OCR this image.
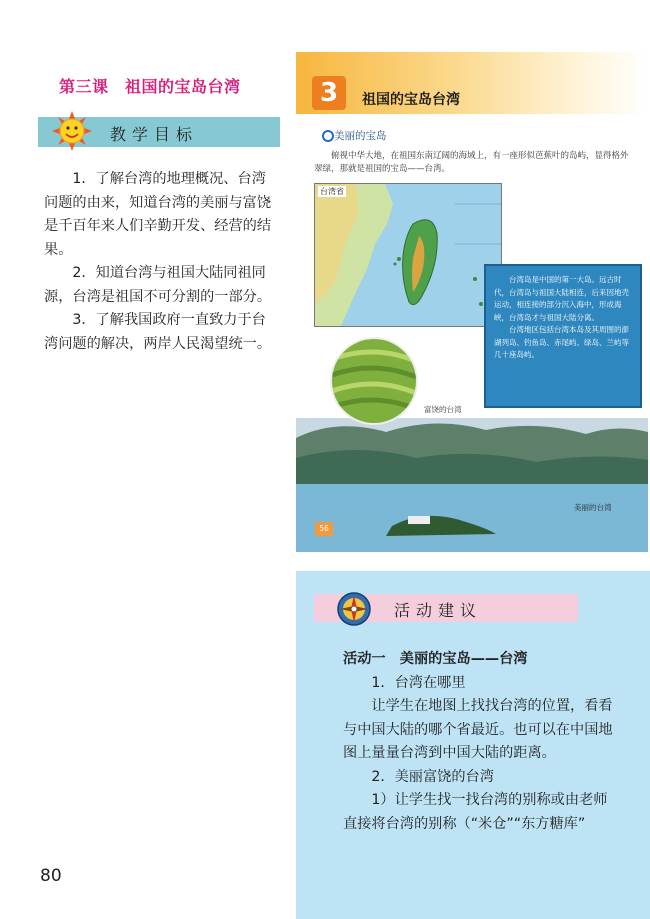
第三课　祖国的宝岛台湾
教学目标

1．了解台湾的地理概况、台湾问题的由来，知道台湾的美丽与富饶是千百年来人们辛勤开发、经营的结果。

2．知道台湾与祖国大陆同祖同源，台湾是祖国不可分割的一部分。

3．了解我国政府一直致力于台湾问题的解决，两岸人民渴望统一。

80
3	祖国的宝岛台湾
美丽的宝岛
俯视中华大地，在祖国东南辽阔的海域上，有一座形似芭蕉叶的岛屿，显得格外翠绿，那就是祖国的宝岛——台湾。
台湾省

台湾岛是中国的第一大岛。远古时代，台湾岛与祖国大陆相连，后来因地壳运动，相连接的部分沉入海中，形成海峡，台湾岛才与祖国大陆分离。

台湾地区包括台湾本岛及其周围的澎湖列岛、钓鱼岛、赤尾屿、绿岛、兰屿等几十座岛屿。

富饶的台湾
美丽的台湾
56
活动建议

活动一　美丽的宝岛——台湾

1．台湾在哪里

让学生在地图上找找台湾的位置，看看与中国大陆的哪个省最近。也可以在中国地图上量量台湾到中国大陆的距离。

2．美丽富饶的台湾

1）让学生找一找台湾的别称或由老师直接将台湾的别称（“米仓”“东方糖库”
